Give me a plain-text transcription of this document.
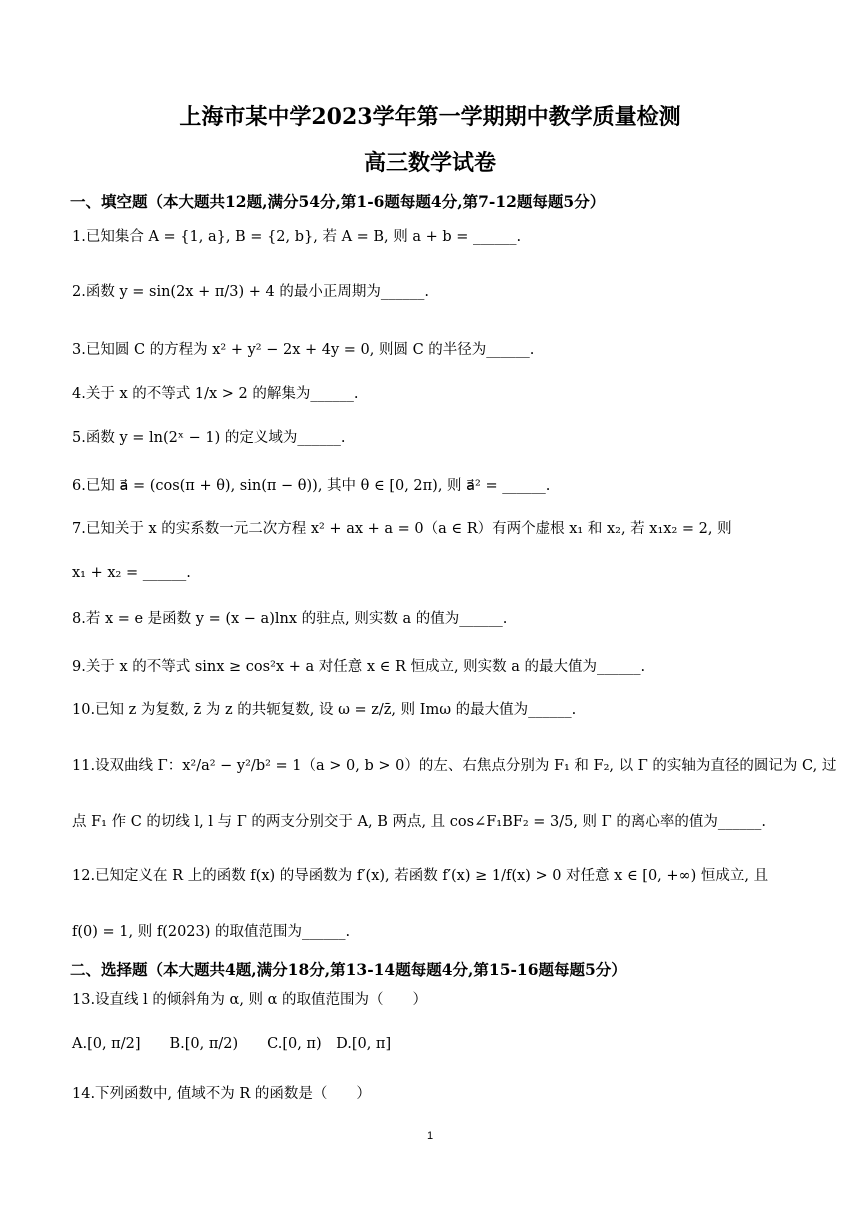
上海市某中学2023学年第一学期期中教学质量检测
高三数学试卷
一、填空题（本大题共12题,满分54分,第1-6题每题4分,第7-12题每题5分）
1.已知集合 A = {1, a}, B = {2, b}, 若 A = B, 则 a + b = ______.
2.函数 y = sin(2x + π/3) + 4 的最小正周期为______.
3.已知圆 C 的方程为 x² + y² − 2x + 4y = 0, 则圆 C 的半径为______.
4.关于 x 的不等式 1/x > 2 的解集为______.
5.函数 y = ln(2ˣ − 1) 的定义域为______.
6.已知 a⃗ = (cos(π + θ), sin(π − θ)), 其中 θ ∈ [0, 2π), 则 a⃗² = ______.
7.已知关于 x 的实系数一元二次方程 x² + ax + a = 0（a ∈ R）有两个虚根 x₁ 和 x₂, 若 x₁x₂ = 2, 则
x₁ + x₂ = ______.
8.若 x = e 是函数 y = (x − a)lnx 的驻点, 则实数 a 的值为______.
9.关于 x 的不等式 sinx ≥ cos²x + a 对任意 x ∈ R 恒成立, 则实数 a 的最大值为______.
10.已知 z 为复数, z̄ 为 z 的共轭复数, 设 ω = z/z̄, 则 Imω 的最大值为______.
11.设双曲线 Γ：x²/a² − y²/b² = 1（a > 0, b > 0）的左、右焦点分别为 F₁ 和 F₂, 以 Γ 的实轴为直径的圆记为 C, 过
点 F₁ 作 C 的切线 l, l 与 Γ 的两支分别交于 A, B 两点, 且 cos∠F₁BF₂ = 3/5, 则 Γ 的离心率的值为______.
12.已知定义在 R 上的函数 f(x) 的导函数为 f′(x), 若函数 f′(x) ≥ 1/f(x) > 0 对任意 x ∈ [0, +∞) 恒成立, 且
f(0) = 1, 则 f(2023) 的取值范围为______.
二、选择题（本大题共4题,满分18分,第13-14题每题4分,第15-16题每题5分）
13.设直线 l 的倾斜角为 α, 则 α 的取值范围为（　　）
A.[0, π/2]　　B.[0, π/2)　　C.[0, π)　D.[0, π]
14.下列函数中, 值域不为 R 的函数是（　　）
1
